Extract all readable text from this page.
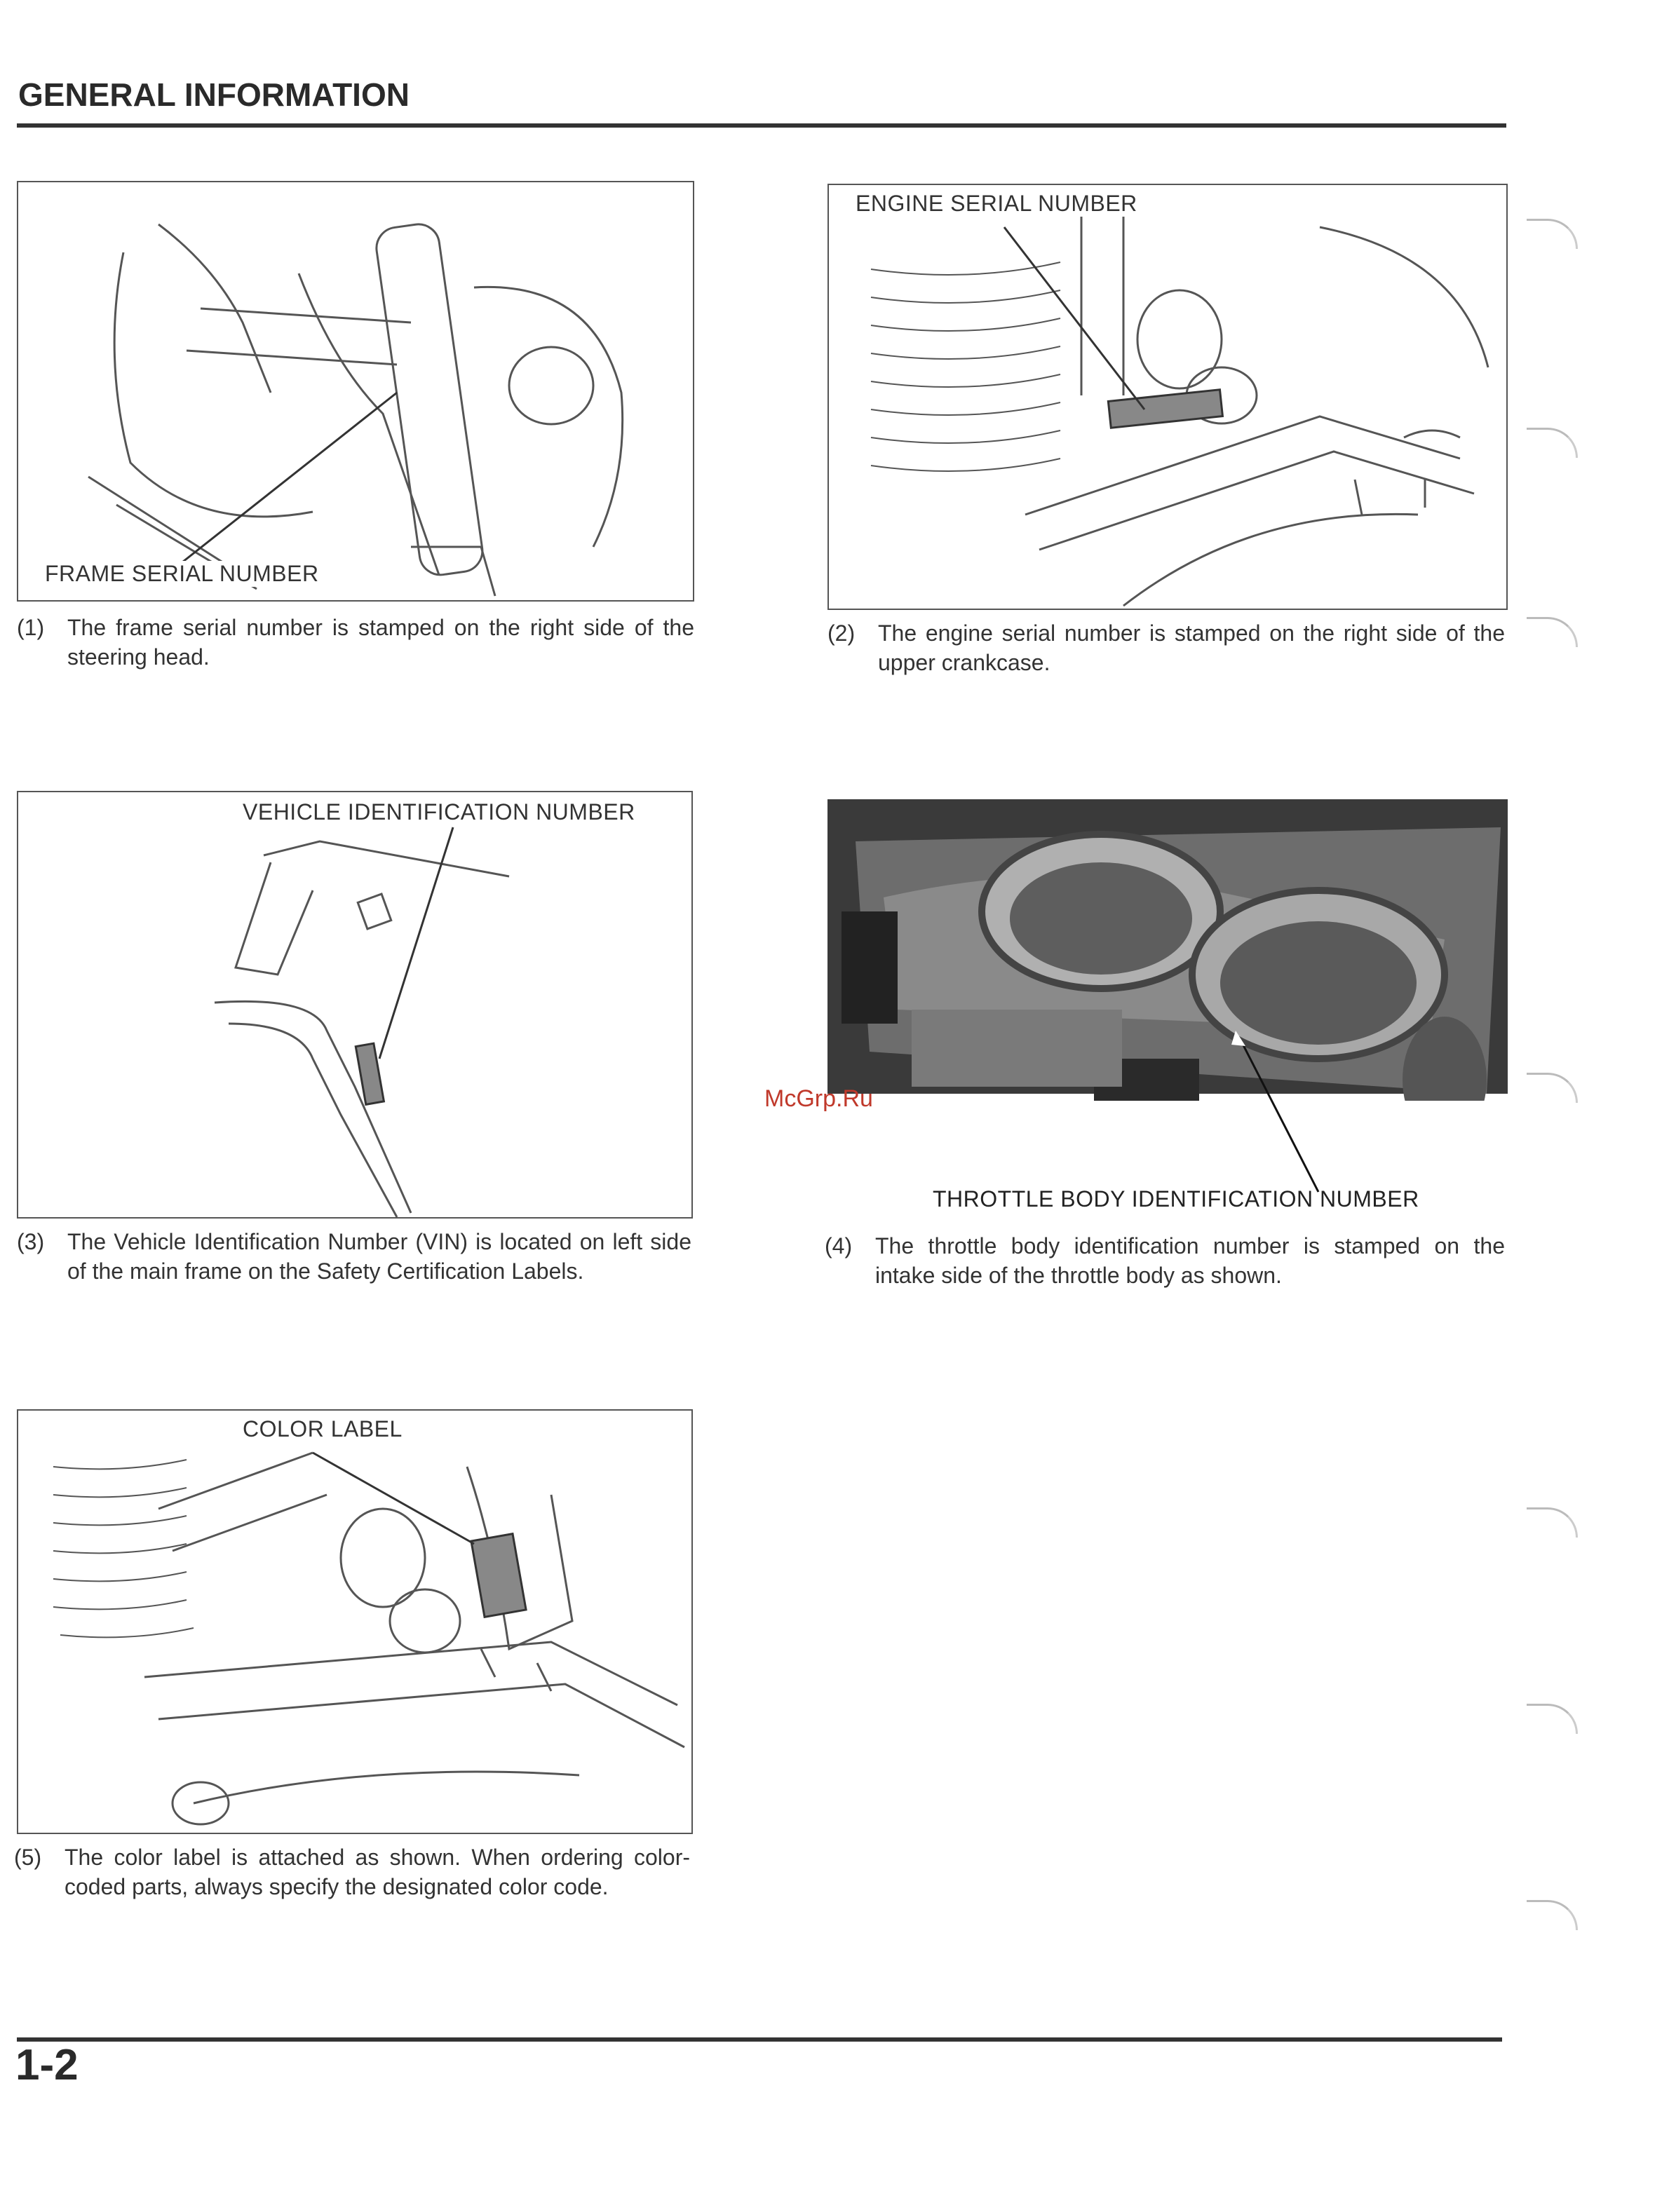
GENERAL INFORMATION
FRAME SERIAL NUMBER
(1) The frame serial number is stamped on the right side of the steering head.
ENGINE SERIAL NUMBER
(2) The engine serial number is stamped on the right side of the upper crankcase.
VEHICLE IDENTIFICATION NUMBER
(3) The Vehicle Identification Number (VIN) is located on left side of the main frame on the Safety Certification Labels.
THROTTLE BODY IDENTIFICATION NUMBER
(4) The throttle body identification number is stamped on the intake side of the throttle body as shown.
COLOR LABEL
(5) The color label is attached as shown. When ordering color-coded parts, always specify the designated color code.
McGrp.Ru
1-2
